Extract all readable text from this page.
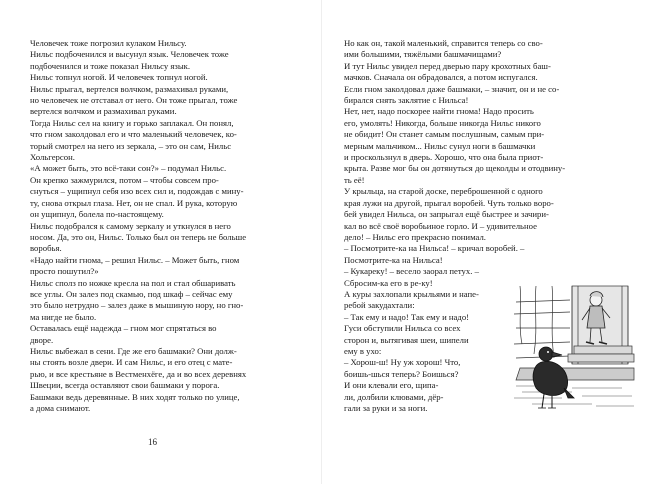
Человечек тоже погрозил кулаком Нильсу.

Нильс подбоченился и высунул язык. Человечек тоже
подбоченился и тоже показал Нильсу язык.

Нильс топнул ногой. И человечек топнул ногой.

Нильс прыгал, вертелся волчком, размахивал руками,
но человечек не отставал от него. Он тоже прыгал, тоже
вертелся волчком и размахивал руками.

Тогда Нильс сел на книгу и горько заплакал. Он понял,
что гном заколдовал его и что маленький человечек, ко-
торый смотрел на него из зеркала, – это он сам, Нильс
Хольгерсон.

«А может быть, это всё-таки сон?» – подумал Нильс.

Он крепко зажмурился, потом – чтобы совсем про-
снуться – ущипнул себя изо всех сил и, подождав с мину-
ту, снова открыл глаза. Нет, он не спал. И рука, которую
он ущипнул, болела по-настоящему.

Нильс подобрался к самому зеркалу и уткнулся в него
носом. Да, это он, Нильс. Только был он теперь не больше
воробья.

«Надо найти гнома, – решил Нильс. – Может быть, гном
просто пошутил?»

Нильс сполз по ножке кресла на пол и стал обшаривать
все углы. Он залез под скамью, под шкаф – сейчас ему
это было нетрудно – залез даже в мышиную нору, но гно-
ма нигде не было.

Оставалась ещё надежда – гном мог спрятаться во
дворе.

Нильс выбежал в сени. Где же его башмаки? Они долж-
ны стоять возле двери. И сам Нильс, и его отец с мате-
рью, и все крестьяне в Вестменхёге, да и во всех деревнях
Швеции, всегда оставляют свои башмаки у порога.
Башмаки ведь деревянные. В них ходят только по улице,
а дома снимают.

16

Но как он, такой маленький, справится теперь со сво-
ими большими, тяжёлыми башмачищами?

И тут Нильс увидел перед дверью пару крохотных баш-
мачков. Сначала он обрадовался, а потом испугался.
Если гном заколдовал даже башмаки, – значит, он и не со-
бирался снять заклятие с Нильса!

Нет, нет, надо поскорее найти гнома! Надо просить
его, умолять! Никогда, больше никогда Нильс никого
не обидит! Он станет самым послушным, самым при-
мерным мальчиком... Нильс сунул ноги в башмачки
и проскользнул в дверь. Хорошо, что она была приот-
крыта. Разве мог бы он дотянуться до щеколды и отодвину-
ть её!

У крыльца, на старой доске, переброшенной с одного
края лужи на другой, прыгал воробей. Чуть только воро-
бей увидел Нильса, он запрыгал ещё быстрее и зачири-
кал во всё своё воробьиное горло. И – удивительное
дело! – Нильс его прекрасно понимал.

– Посмотрите-ка на Нильса! – кричал воробей. –
Посмотрите-ка на Нильса!

– Кукареку! – весело заорал петух. –
Сбросим-ка его в ре-ку!

А куры захлопали крыльями и напе-
ребой закудахтали:

– Так ему и надо! Так ему и надо!

Гуси обступили Нильса со всех
сторон и, вытягивая шеи, шипели
ему в ухо:

– Хорош-ш! Ну уж хорош! Что,
боишь-шься теперь? Боишься?

И они клевали его, щипа-
ли, долбили клювами, дёр-
гали за руки и за ноги.
